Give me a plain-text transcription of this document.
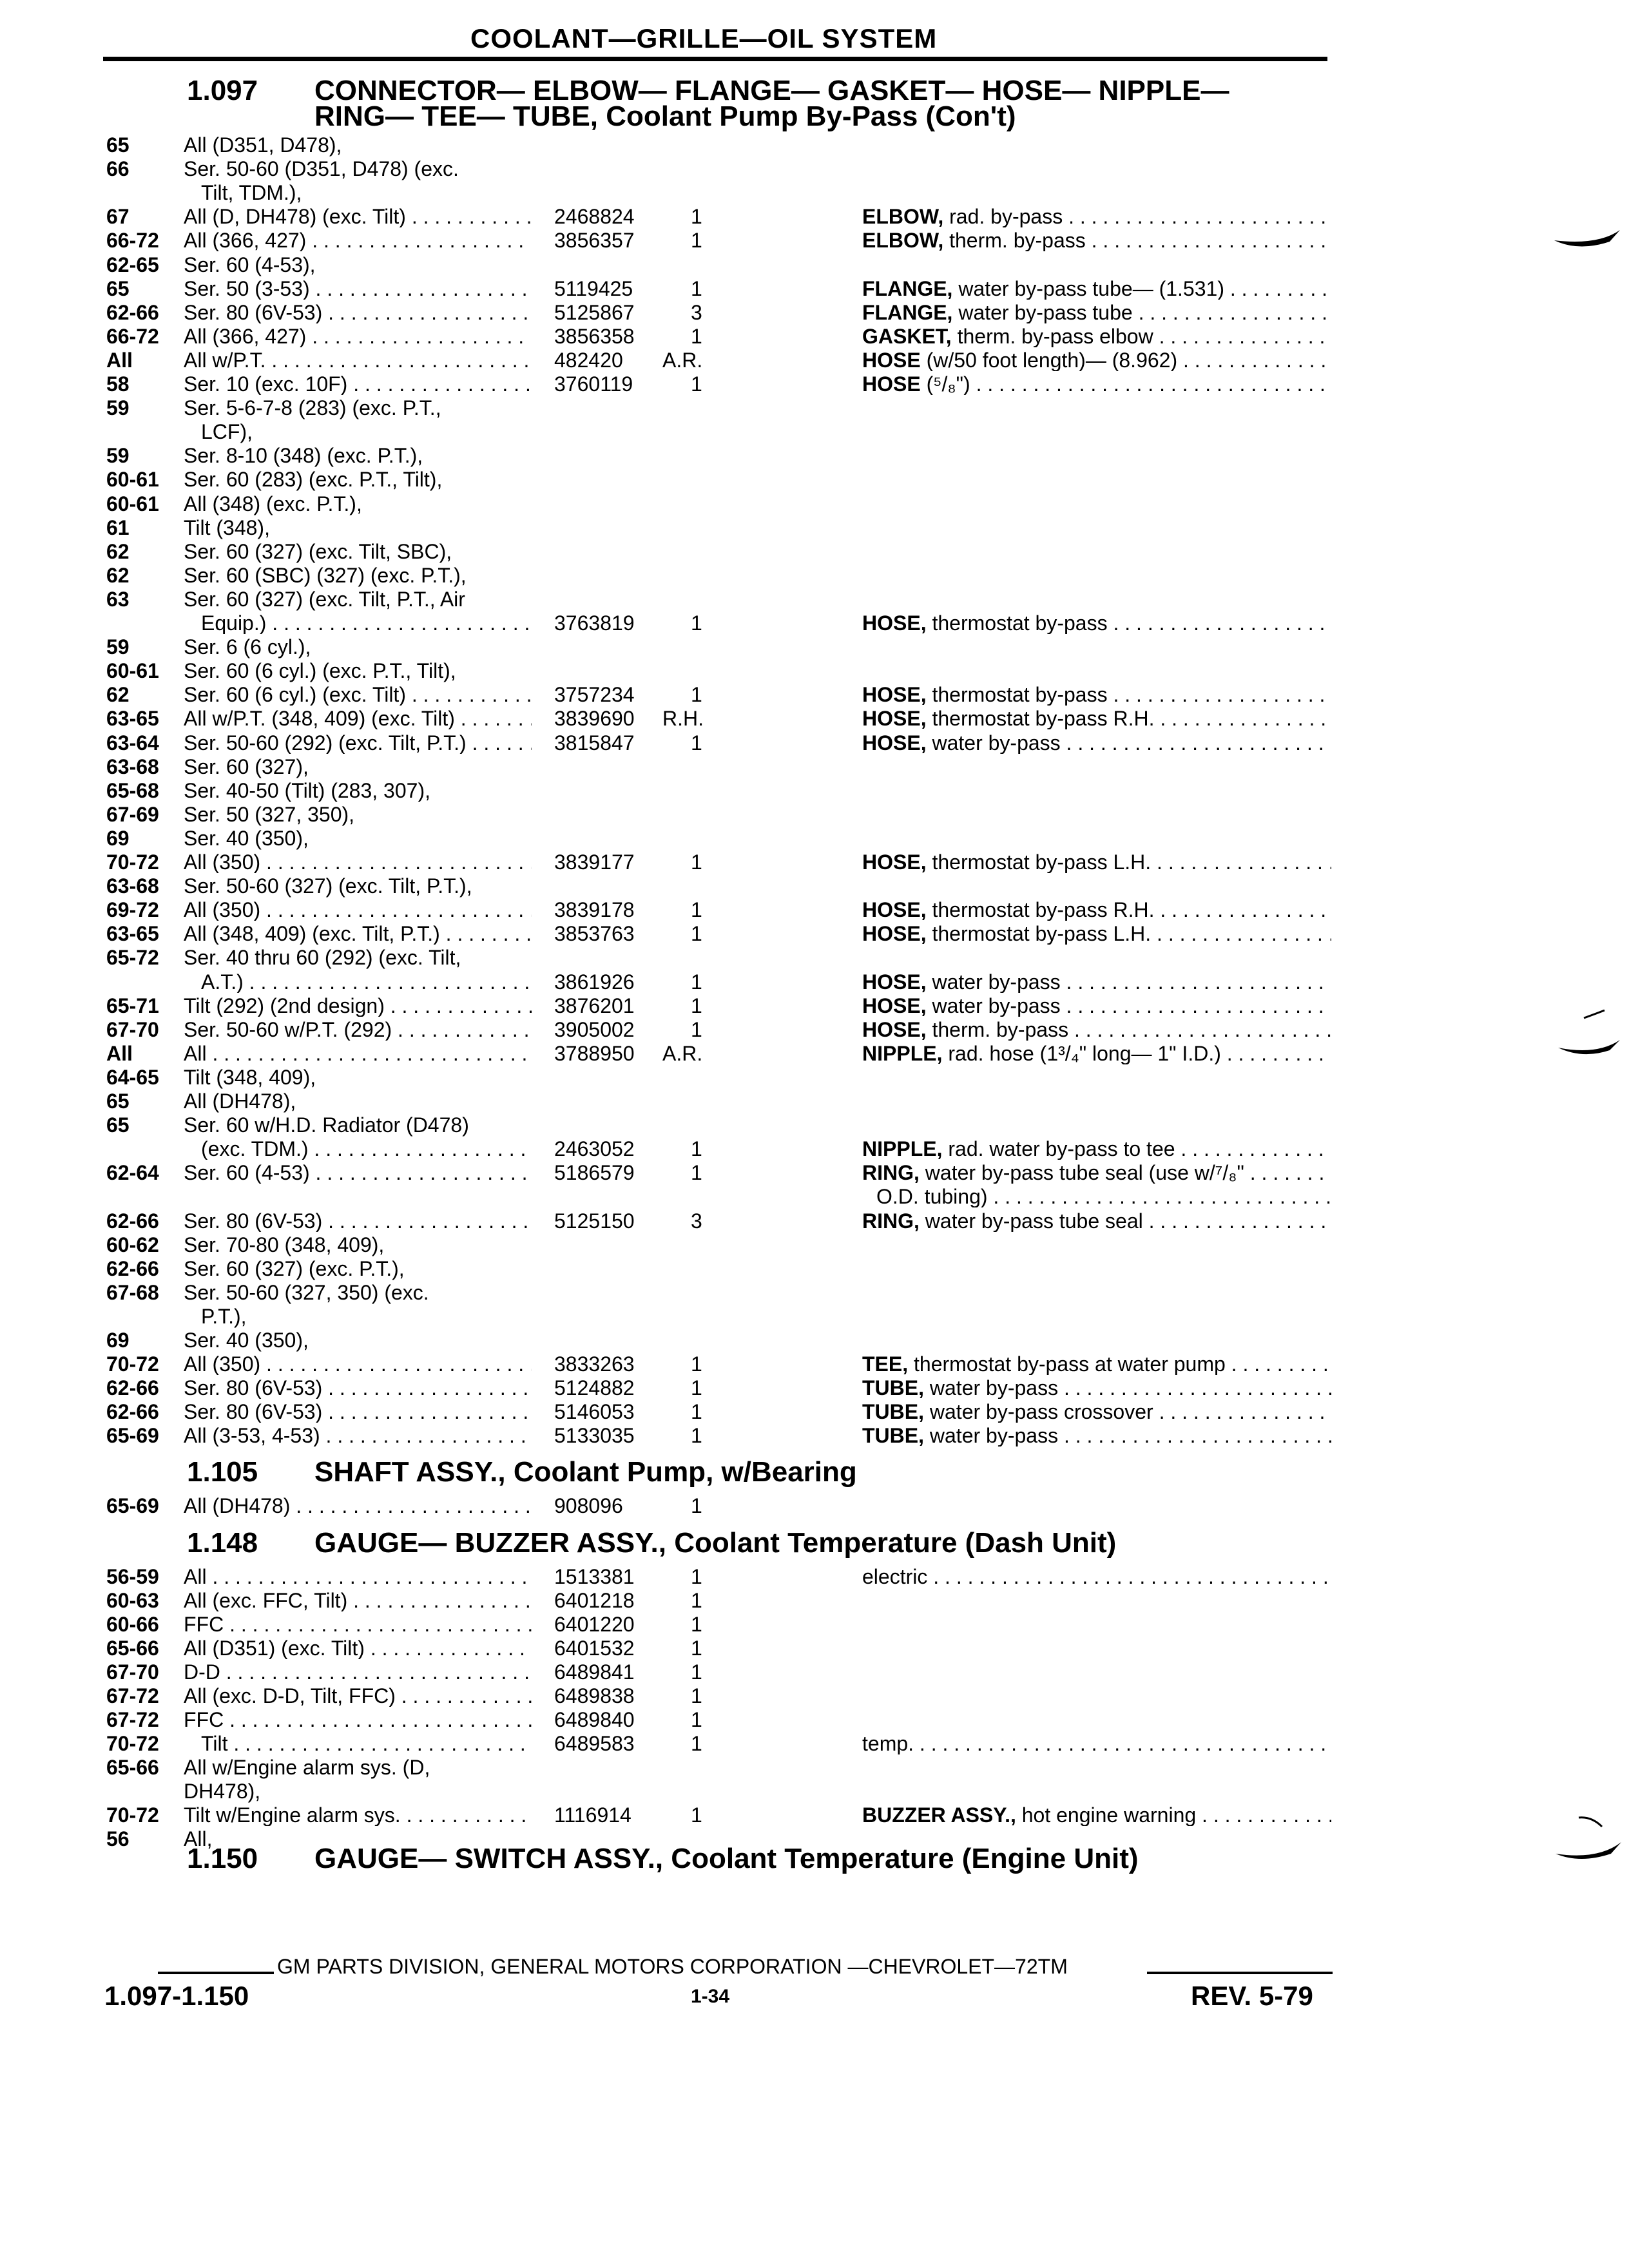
COOLANT—GRILLE—OIL SYSTEM
1.097 CONNECTOR— ELBOW— FLANGE— GASKET— HOSE— NIPPLE—
RING— TEE— TUBE, Coolant Pump By-Pass (Con't)
1.105 SHAFT ASSY., Coolant Pump, w/Bearing
1.148 GAUGE— BUZZER ASSY., Coolant Temperature (Dash Unit)
1.150 GAUGE— SWITCH ASSY., Coolant Temperature (Engine Unit)
65	All (D351, D478),
66	Ser. 50-60 (D351, D478) (exc.
Tilt, TDM.),
67	All (D, DH478) (exc. Tilt) . . .	2468824	1	ELBOW, rad. by-pass . . .
66-72 All (366, 427) . . .	3856357	1	ELBOW, therm. by-pass . . .
62-65 Ser. 60 (4-53),
65	Ser. 50 (3-53) . . .	5119425	1	FLANGE, water by-pass tube— (1.531) . . .
62-66 Ser. 80 (6V-53) . . .	5125867	3	FLANGE, water by-pass tube . . .
66-72 All (366, 427) . . .	3856358	1	GASKET, therm. by-pass elbow . . .
All All w/P.T. . . .	482420 A.R.	HOSE (w/50 foot length)— (8.962) . . .
58	Ser. 10 (exc. 10F) . . .	3760119	1	HOSE (⁵/₈") . . .
59	Ser. 5-6-7-8 (283) (exc. P.T.,
LCF),
59	Ser. 8-10 (348) (exc. P.T.),
60-61 Ser. 60 (283) (exc. P.T., Tilt),
60-61 All (348) (exc. P.T.),
61	Tilt (348),
62	Ser. 60 (327) (exc. Tilt, SBC),
62	Ser. 60 (SBC) (327) (exc. P.T.),
63	Ser. 60 (327) (exc. Tilt, P.T., Air
Equip.) . . .	3763819	1	HOSE, thermostat by-pass . . .
59	Ser. 6 (6 cyl.),
60-61 Ser. 60 (6 cyl.) (exc. P.T., Tilt),
62	Ser. 60 (6 cyl.) (exc. Tilt) . . .	3757234	1	HOSE, thermostat by-pass . . .
63-65 All w/P.T. (348, 409) (exc. Tilt) . . .	3839690 R.H.	HOSE, thermostat by-pass R.H. . . .
63-64 Ser. 50-60 (292) (exc. Tilt, P.T.) . . .	3815847	1	HOSE, water by-pass . . .
63-68 Ser. 60 (327),
65-68 Ser. 40-50 (Tilt) (283, 307),
67-69 Ser. 50 (327, 350),
69	Ser. 40 (350),
70-72 All (350) . . .	3839177	1	HOSE, thermostat by-pass L.H. . . .
63-68 Ser. 50-60 (327) (exc. Tilt, P.T.),
69-72 All (350) . . .	3839178	1	HOSE, thermostat by-pass R.H. . . .
63-65 All (348, 409) (exc. Tilt, P.T.) . . .	3853763	1	HOSE, thermostat by-pass L.H. . . .
65-72 Ser. 40 thru 60 (292) (exc. Tilt,
A.T.) . . .	3861926	1	HOSE, water by-pass . . .
65-71 Tilt (292) (2nd design) . . .	3876201	1	HOSE, water by-pass . . .
67-70 Ser. 50-60 w/P.T. (292) . . .	3905002	1	HOSE, therm. by-pass . . .
All All . . .	3788950 A.R.	NIPPLE, rad. hose (1³/₄" long— 1" I.D.) . . .
64-65 Tilt (348, 409),
65	All (DH478),
65	Ser. 60 w/H.D. Radiator (D478)
(exc. TDM.) . . .	2463052	1	NIPPLE, rad. water by-pass to tee . . .
62-64 Ser. 60 (4-53) . . .	5186579	1	RING, water by-pass tube seal (use w/⁷/₈" . . .
O.D. tubing) . . .
62-66 Ser. 80 (6V-53) . . .	5125150	3	RING, water by-pass tube seal . . .
60-62 Ser. 70-80 (348, 409),
62-66 Ser. 60 (327) (exc. P.T.),
67-68 Ser. 50-60 (327, 350) (exc.
P.T.),
69	Ser. 40 (350),
70-72 All (350) . . .	3833263	1	TEE, thermostat by-pass at water pump . . .
62-66 Ser. 80 (6V-53) . . .	5124882	1	TUBE, water by-pass . . .
62-66 Ser. 80 (6V-53) . . .	5146053	1	TUBE, water by-pass crossover . . .
65-69 All (3-53, 4-53) . . .	5133035	1	TUBE, water by-pass . . .
65-69 All (DH478) . . .	908096	1
56-59 All . . .	1513381	1	electric . . .
60-63 All (exc. FFC, Tilt) . . .	6401218	1
60-66 FFC . . .	6401220	1
65-66 All (D351) (exc. Tilt) . . .	6401532	1
67-70 D-D . . .	6489841	1
67-72 All (exc. D-D, Tilt, FFC) . . .	6489838	1
67-72 FFC . . .	6489840	1
70-72 Tilt . . .	6489583	1	temp. . . .
65-66 All w/Engine alarm sys. (D,
DH478),
70-72 Tilt w/Engine alarm sys. . . .	1116914	1	BUZZER ASSY., hot engine warning . . .
56	All,
GM PARTS DIVISION, GENERAL MOTORS CORPORATION —CHEVROLET—72TM
1.097-1.150	1-34	REV. 5-79
